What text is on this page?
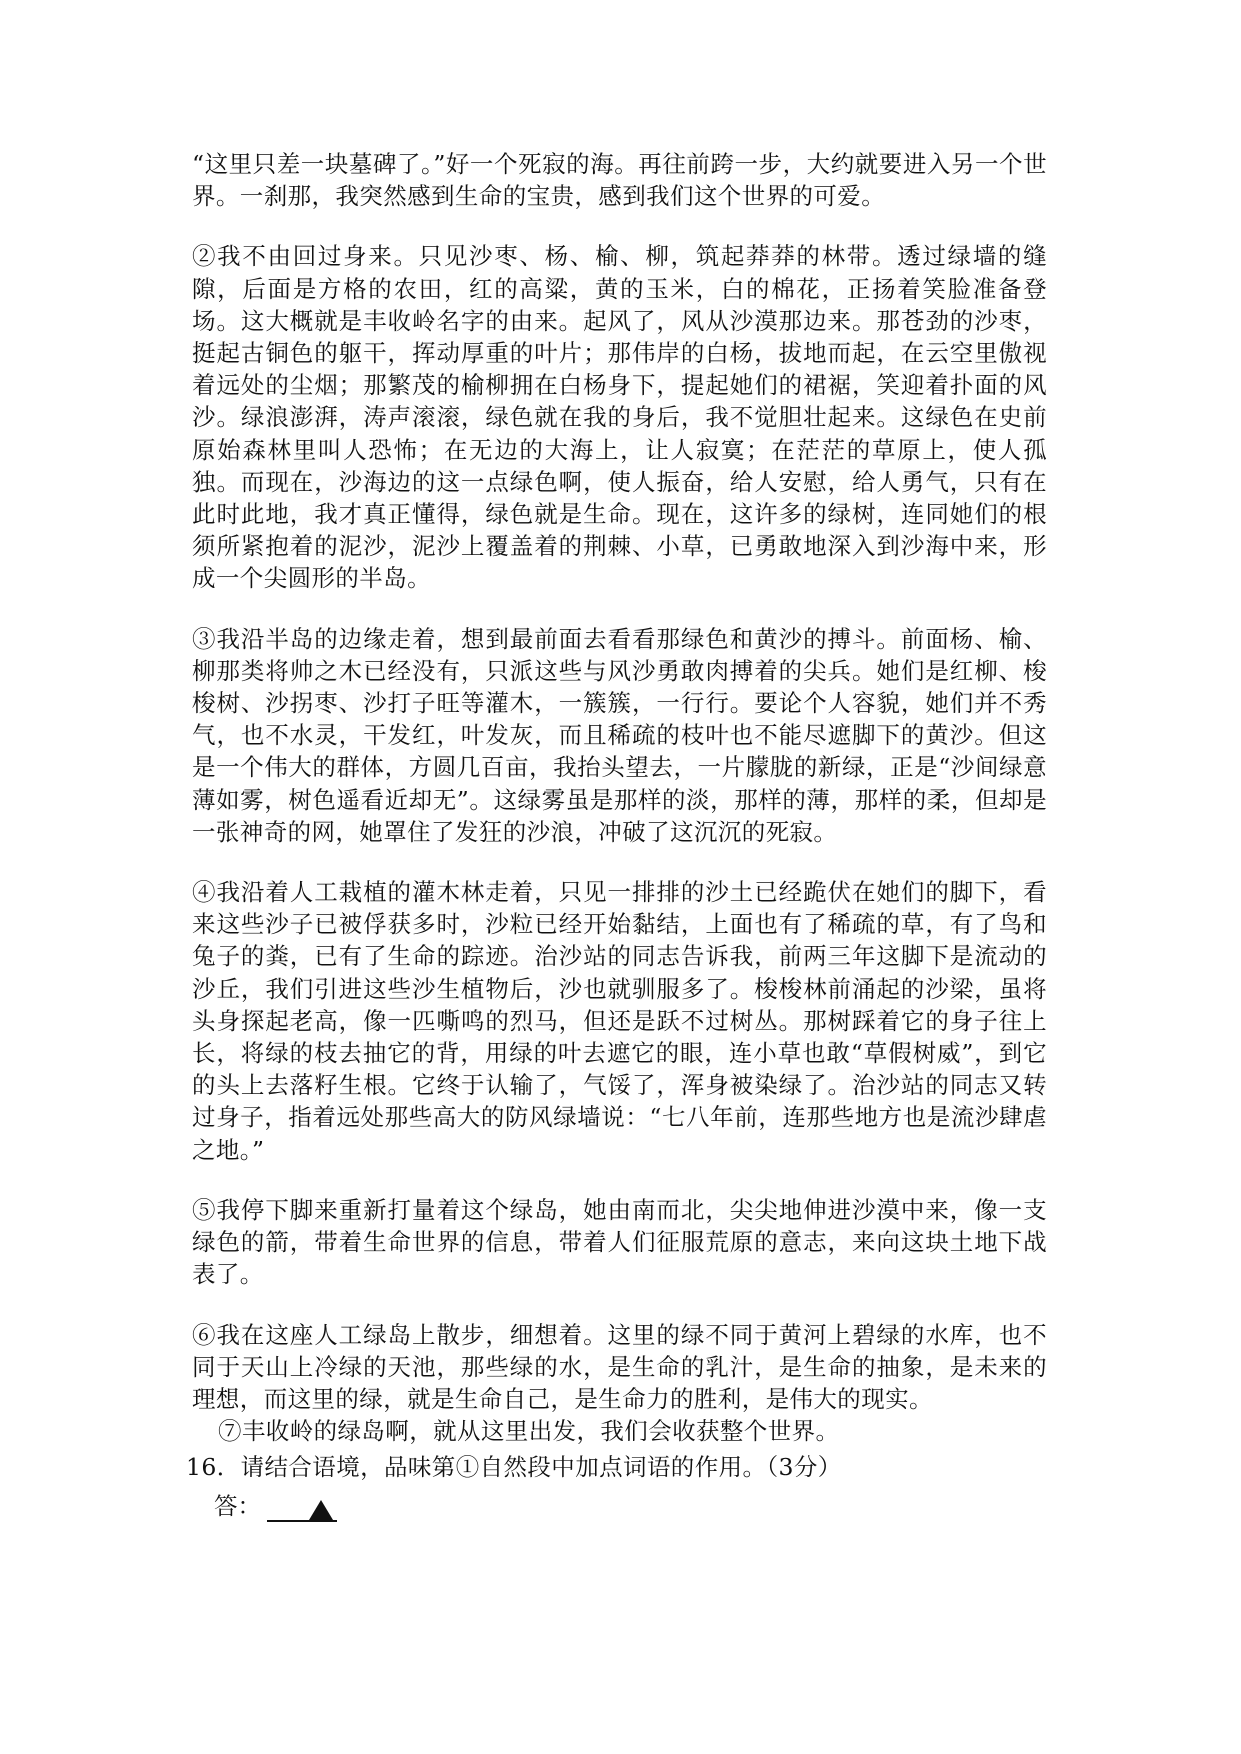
“这里只差一块墓碑了。”好一个死寂的海。再往前跨一步，大约就要进入另一个世界。一刹那，我突然感到生命的宝贵，感到我们这个世界的可爱。

②我不由回过身来。只见沙枣、杨、榆、柳，筑起莽莽的林带。透过绿墙的缝隙，后面是方格的农田，红的高粱，黄的玉米，白的棉花，正扬着笑脸准备登场。这大概就是丰收岭名字的由来。起风了，风从沙漠那边来。那苍劲的沙枣，挺起古铜色的躯干，挥动厚重的叶片；那伟岸的白杨，拔地而起，在云空里傲视着远处的尘烟；那繁茂的榆柳拥在白杨身下，提起她们的裙裾，笑迎着扑面的风沙。绿浪澎湃，涛声滚滚，绿色就在我的身后，我不觉胆壮起来。这绿色在史前原始森林里叫人恐怖；在无边的大海上，让人寂寞；在茫茫的草原上，使人孤独。而现在，沙海边的这一点绿色啊，使人振奋，给人安慰，给人勇气，只有在此时此地，我才真正懂得，绿色就是生命。现在，这许多的绿树，连同她们的根须所紧抱着的泥沙，泥沙上覆盖着的荆棘、小草，已勇敢地深入到沙海中来，形成一个尖圆形的半岛。

③我沿半岛的边缘走着，想到最前面去看看那绿色和黄沙的搏斗。前面杨、榆、柳那类将帅之木已经没有，只派这些与风沙勇敢肉搏着的尖兵。她们是红柳、梭梭树、沙拐枣、沙打子旺等灌木，一簇簇，一行行。要论个人容貌，她们并不秀气，也不水灵，干发红，叶发灰，而且稀疏的枝叶也不能尽遮脚下的黄沙。但这是一个伟大的群体，方圆几百亩，我抬头望去，一片朦胧的新绿，正是“沙间绿意薄如雾，树色遥看近却无”。这绿雾虽是那样的淡，那样的薄，那样的柔，但却是一张神奇的网，她罩住了发狂的沙浪，冲破了这沉沉的死寂。

④我沿着人工栽植的灌木林走着，只见一排排的沙土已经跪伏在她们的脚下，看来这些沙子已被俘获多时，沙粒已经开始黏结，上面也有了稀疏的草，有了鸟和兔子的粪，已有了生命的踪迹。治沙站的同志告诉我，前两三年这脚下是流动的沙丘，我们引进这些沙生植物后，沙也就驯服多了。梭梭林前涌起的沙梁，虽将头身探起老高，像一匹嘶鸣的烈马，但还是跃不过树丛。那树踩着它的身子往上长，将绿的枝去抽它的背，用绿的叶去遮它的眼，连小草也敢“草假树威”，到它的头上去落籽生根。它终于认输了，气馁了，浑身被染绿了。治沙站的同志又转过身子，指着远处那些高大的防风绿墙说：“七八年前，连那些地方也是流沙肆虐之地。”

⑤我停下脚来重新打量着这个绿岛，她由南而北，尖尖地伸进沙漠中来，像一支绿色的箭，带着生命世界的信息，带着人们征服荒原的意志，来向这块土地下战表了。

⑥我在这座人工绿岛上散步，细想着。这里的绿不同于黄河上碧绿的水库，也不同于天山上冷绿的天池，那些绿的水，是生命的乳汁，是生命的抽象，是未来的理想，而这里的绿，就是生命自己，是生命力的胜利，是伟大的现实。

⑦丰收岭的绿岛啊，就从这里出发，我们会收获整个世界。

16．请结合语境，品味第①自然段中加点词语的作用。（3分）
答：
